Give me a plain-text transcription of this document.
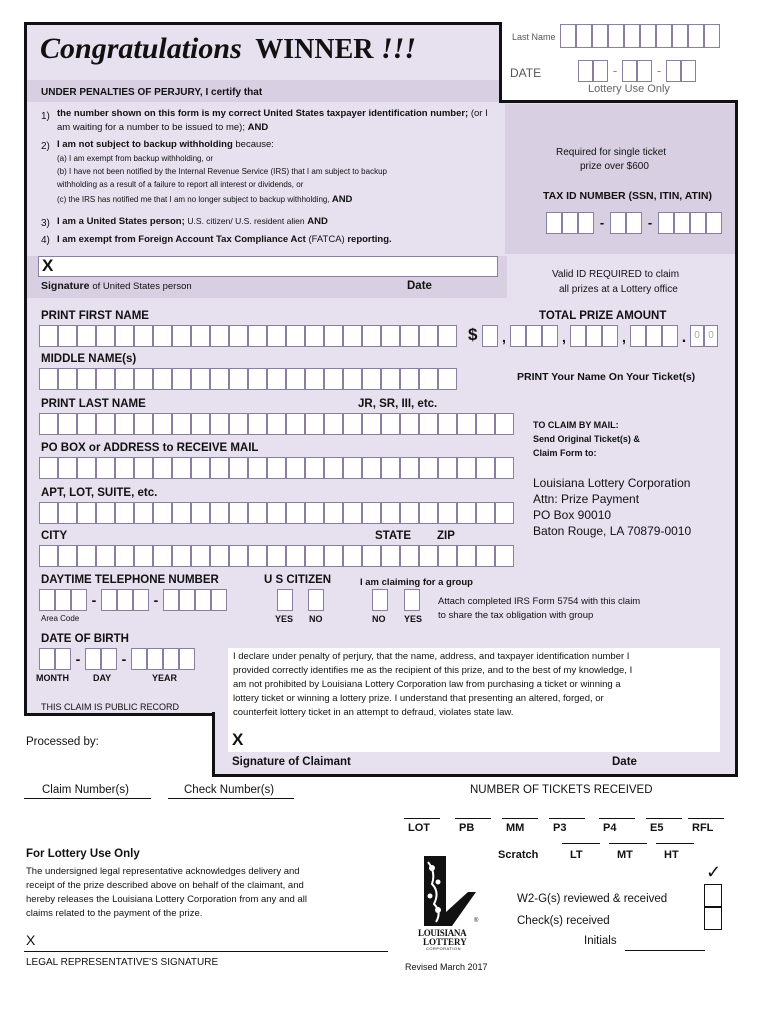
Congratulations WINNER !!!	Last Name
DATE	-	-
Lottery Use Only
UNDER PENALTIES OF PERJURY, I certify that
1) the number shown on this form is my correct United States taxpayer identification number; (or I
am waiting for a number to be issued to me); AND
2) I am not subject to backup withholding because:
(a) I am exempt from backup withholding, or
(b) I have not been notified by the Internal Revenue Service (IRS) that I am subject to backup
withholding as a result of a failure to report all interest or dividends, or
(c) the IRS has notified me that I am no longer subject to backup withholding, AND
3) I am a United States person; U.S. citizen/ U.S. resident alien AND
4) I am exempt from Foreign Account Tax Compliance Act (FATCA) reporting.
Required for single ticket
prize over $600
TAX ID NUMBER (SSN, ITIN, ATIN)
-	-
X
Signature of United States person	Date
Valid ID REQUIRED to claim
all prizes at a Lottery office
PRINT FIRST NAME
MIDDLE NAME(s)
PRINT LAST NAME	JR, SR, III, etc.
PO BOX or ADDRESS to RECEIVE MAIL
APT, LOT, SUITE, etc.
CITY	STATE ZIP
TOTAL PRIZE AMOUNT
$ ,	,	,	. 0 0
PRINT Your Name On Your Ticket(s)
TO CLAIM BY MAIL:
Send Original Ticket(s) &
Claim Form to:
Louisiana Lottery Corporation
Attn: Prize Payment
PO Box 90010
Baton Rouge, LA 70879-0010
DAYTIME TELEPHONE NUMBER
-	-
Area Code
U S CITIZEN
YES NO
I am claiming for a group
NO YES
Attach completed IRS Form 5754 with this claim
to share the tax obligation with group
DATE OF BIRTH
-	-
MONTH	DAY	YEAR
THIS CLAIM IS PUBLIC RECORD
I declare under penalty of perjury, that the name, address, and taxpayer identification number I
provided correctly identifies me as the recipient of this prize, and to the best of my knowledge, I
am not prohibited by Louisiana Lottery Corporation law from purchasing a ticket or winning a
lottery ticket or winning a lottery prize. I understand that presenting an altered, forged, or
counterfeit lottery ticket in an attempt to defraud, violates state law.
X
Signature of Claimant	Date
Processed by:
Claim Number(s)	Check Number(s)	NUMBER OF TICKETS RECEIVED
LOT	PB	MM	P3	P4	E5	RFL
Scratch	LT	MT	HT
For Lottery Use Only
The undersigned legal representative acknowledges delivery and
receipt of the prize described above on behalf of the claimant, and
hereby releases the Louisiana Lottery Corporation from any and all
claims related to the payment of the prize.
X
LEGAL REPRESENTATIVE'S SIGNATURE
LOUISIANA
LOTTERY
CORPORATION
®
Revised March 2017
✓
W2-G(s) reviewed & received
Check(s) received
Initials
